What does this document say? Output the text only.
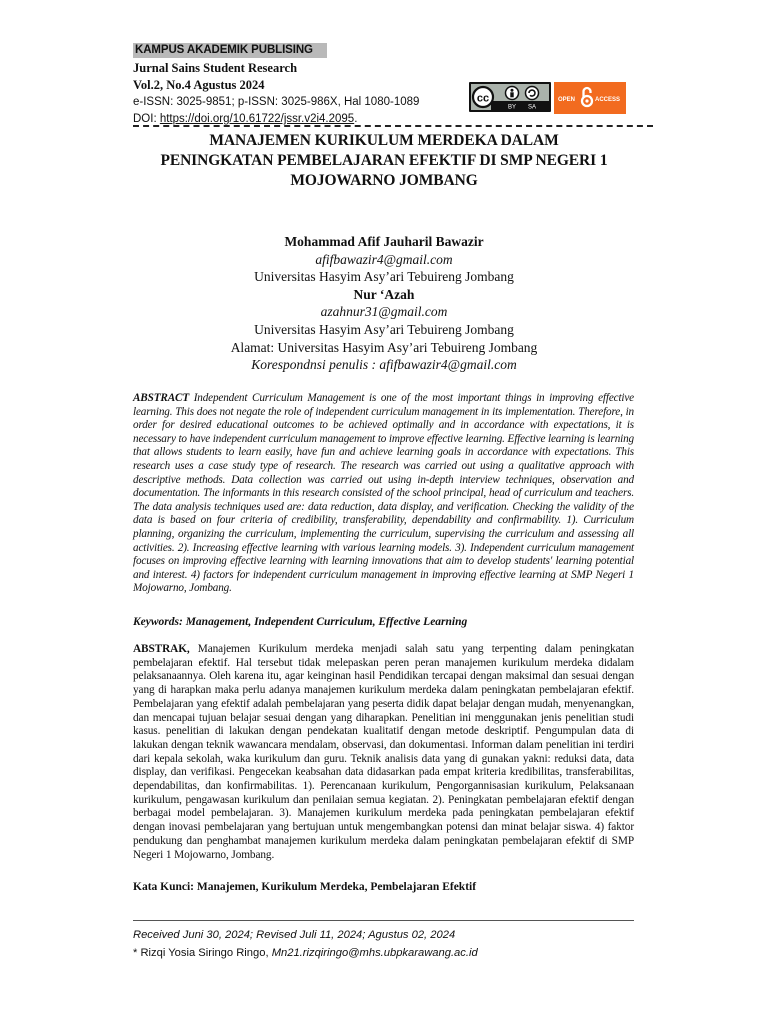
KAMPUS AKADEMIK PUBLISING
Jurnal Sains Student Research
Vol.2, No.4 Agustus 2024
e-ISSN: 3025-9851; p-ISSN: 3025-986X, Hal 1080-1089
DOI: https://doi.org/10.61722/jssr.v2i4.2095.
cc
BY SA
OPEN	ACCESS
MANAJEMEN KURIKULUM MERDEKA DALAM
PENINGKATAN PEMBELAJARAN EFEKTIF DI SMP NEGERI 1
MOJOWARNO JOMBANG
Mohammad Afif Jauharil Bawazir
afifbawazir4@gmail.com
Universitas Hasyim Asy’ari Tebuireng Jombang
Nur ‘Azah
azahnur31@gmail.com
Universitas Hasyim Asy’ari Tebuireng Jombang
Alamat: Universitas Hasyim Asy’ari Tebuireng Jombang
Korespondnsi penulis : afifbawazir4@gmail.com
ABSTRACT Independent Curriculum Management is one of the most important things in improving effective learning. This does not negate the role of independent curriculum management in its implementation. Therefore, in order for desired educational outcomes to be achieved optimally and in accordance with expectations, it is necessary to have independent curriculum management to improve effective learning. Effective learning is learning that allows students to learn easily, have fun and achieve learning goals in accordance with expectations. This research uses a case study type of research. The research was carried out using a qualitative approach with descriptive methods. Data collection was carried out using in-depth interview techniques, observation and documentation. The informants in this research consisted of the school principal, head of curriculum and teachers. The data analysis techniques used are: data reduction, data display, and verification. Checking the validity of the data is based on four criteria of credibility, transferability, dependability and confirmability. 1). Curriculum planning, organizing the curriculum, implementing the curriculum, supervising the curriculum and assessing all activities. 2). Increasing effective learning with various learning models. 3). Independent curriculum management focuses on improving effective learning with learning innovations that aim to develop students' learning potential and interest. 4) factors for independent curriculum management in improving effective learning at SMP Negeri 1 Mojowarno, Jombang.
Keywords: Management, Independent Curriculum, Effective Learning
ABSTRAK, Manajemen Kurikulum merdeka menjadi salah satu yang terpenting dalam peningkatan pembelajaran efektif. Hal tersebut tidak melepaskan peren peran manajemen kurikulum merdeka didalam pelaksanaannya. Oleh karena itu, agar keinginan hasil Pendidikan tercapai dengan maksimal dan sesuai dengan yang di harapkan maka perlu adanya manajemen kurikulum merdeka dalam peningkatan pembelajaran efektif. Pembelajaran yang efektif adalah pembelajaran yang peserta didik dapat belajar dengan mudah, menyenangkan, dan mencapai tujuan belajar sesuai dengan yang diharapkan. Penelitian ini menggunakan jenis penelitian studi kasus. penelitian di lakukan dengan pendekatan kualitatif dengan metode deskriptif. Pengumpulan data di lakukan dengan teknik wawancara mendalam, observasi, dan dokumentasi. Informan dalam penelitian ini terdiri dari kepala sekolah, waka kurikulum dan guru. Teknik analisis data yang di gunakan yakni: reduksi data, data display, dan verifikasi. Pengecekan keabsahan data didasarkan pada empat kriteria kredibilitas, transferabilitas, dependabilitas, dan konfirmabilitas. 1). Perencanaan kurikulum, Pengorgannisasian kurikulum, Pelaksanaan kurikulum, pengawasan kurikulum dan penilaian semua kegiatan. 2). Peningkatan pembelajaran efektif dengan berbagai model pembelajaran. 3). Manajemen kurikulum merdeka pada peningkatan pembelajaran efektif dengan inovasi pembelajaran yang bertujuan untuk mengembangkan potensi dan minat belajar siswa. 4) faktor pendukung dan penghambat manajemen kurikulum merdeka dalam peningkatan pembelajaran efektif di SMP Negeri 1 Mojowarno, Jombang.
Kata Kunci: Manajemen, Kurikulum Merdeka, Pembelajaran Efektif
Received Juni 30, 2024; Revised Juli 11, 2024; Agustus 02, 2024
* Rizqi Yosia Siringo Ringo, Mn21.rizqiringo@mhs.ubpkarawang.ac.id
